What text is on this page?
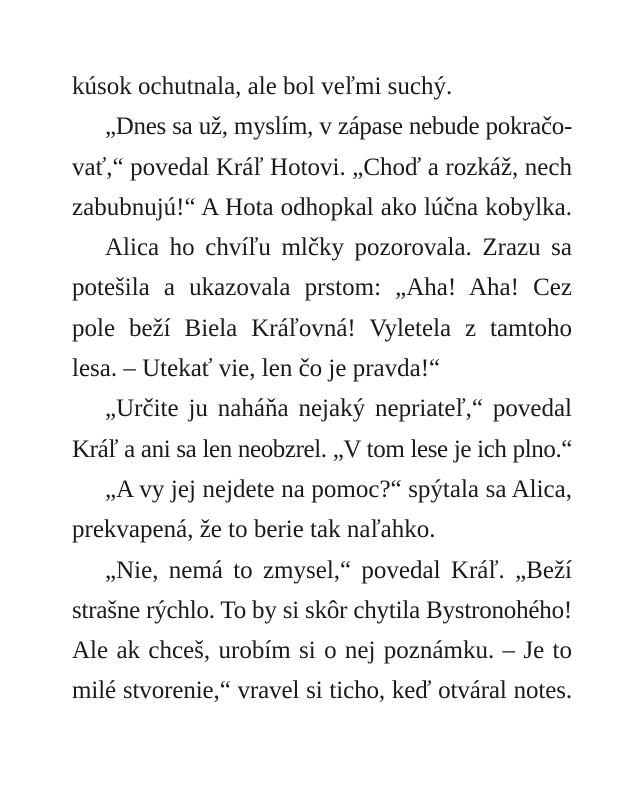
kúsok ochutnala, ale bol veľmi suchý.
„Dnes sa už, myslím, v zápase nebude pokračo-
vať,“ povedal Kráľ Hotovi. „Choď a rozkáž, nech
zabubnujú!“ A Hota odhopkal ako lúčna kobylka.
Alica ho chvíľu mlčky pozorovala. Zrazu sa
potešila a ukazovala prstom: „Aha! Aha! Cez
pole beží Biela Kráľovná! Vyletela z tamtoho
lesa. – Utekať vie, len čo je pravda!“
„Určite ju naháňa nejaký nepriateľ,“ povedal
Kráľ a ani sa len neobzrel. „V tom lese je ich plno.“
„A vy jej nejdete na pomoc?“ spýtala sa Alica,
prekvapená, že to berie tak naľahko.
„Nie, nemá to zmysel,“ povedal Kráľ. „Beží
strašne rýchlo. To by si skôr chytila Bystronohého!
Ale ak chceš, urobím si o nej poznámku. – Je to
milé stvorenie,“ vravel si ticho, keď otváral notes.
